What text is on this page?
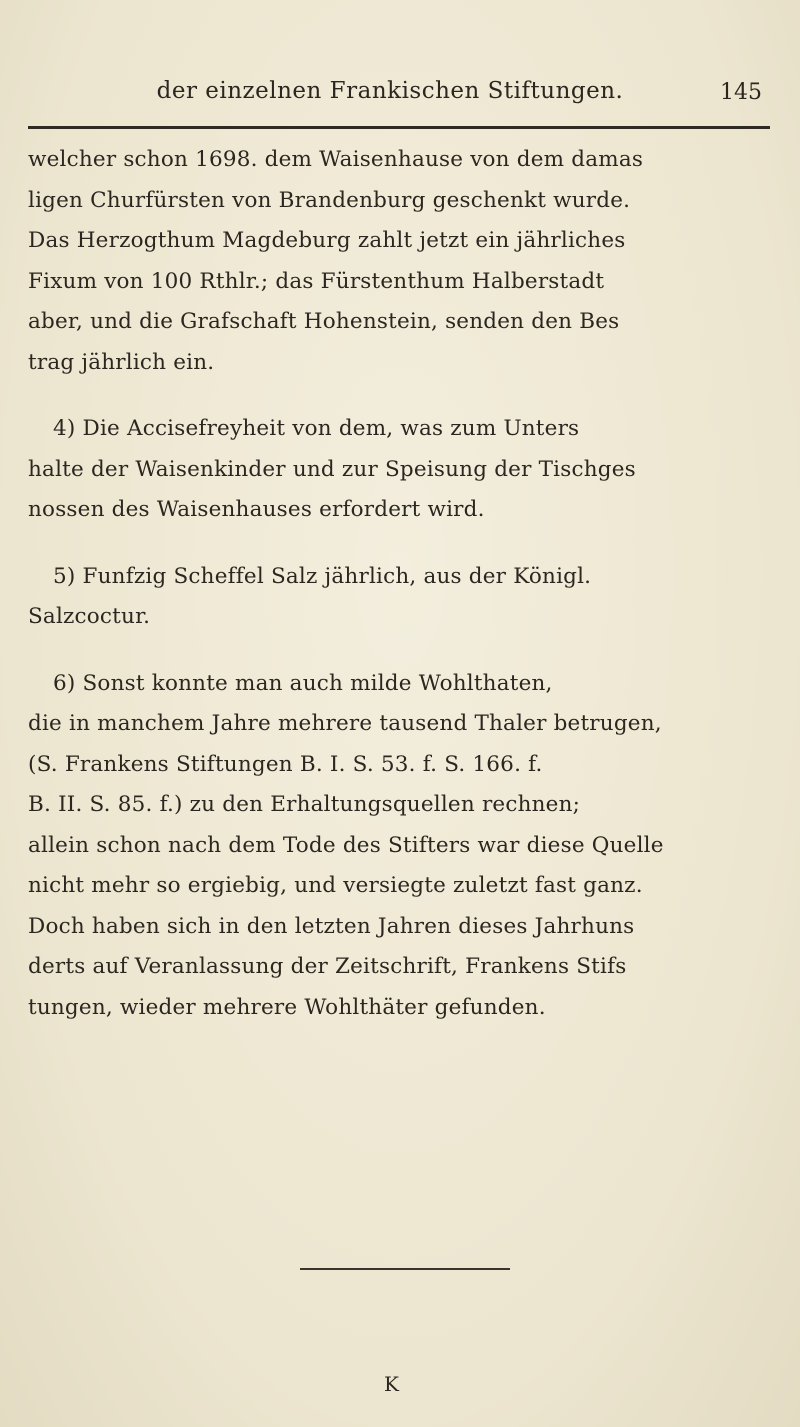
der einzelnen Frankischen Stiftungen.	145
welcher schon 1698. dem Waisenhause von dem damas
ligen Churfürsten von Brandenburg geschenkt wurde.
Das Herzogthum Magdeburg zahlt jetzt ein jährliches
Fixum von 100 Rthlr.; das Fürstenthum Halberstadt
aber, und die Grafschaft Hohenstein, senden den Bes
trag jährlich ein.
4) Die Accisefreyheit von dem, was zum Unters
halte der Waisenkinder und zur Speisung der Tischges
nossen des Waisenhauses erfordert wird.
5) Funfzig Scheffel Salz jährlich, aus der Königl.
Salzcoctur.
6) Sonst konnte man auch milde Wohlthaten,
die in manchem Jahre mehrere tausend Thaler betrugen,
(S. Frankens Stiftungen B. I. S. 53. f. S. 166. f.
B. II. S. 85. f.) zu den Erhaltungsquellen rechnen;
allein schon nach dem Tode des Stifters war diese Quelle
nicht mehr so ergiebig, und versiegte zuletzt fast ganz.
Doch haben sich in den letzten Jahren dieses Jahrhuns
derts auf Veranlassung der Zeitschrift, Frankens Stifs
tungen, wieder mehrere Wohlthäter gefunden.
K
